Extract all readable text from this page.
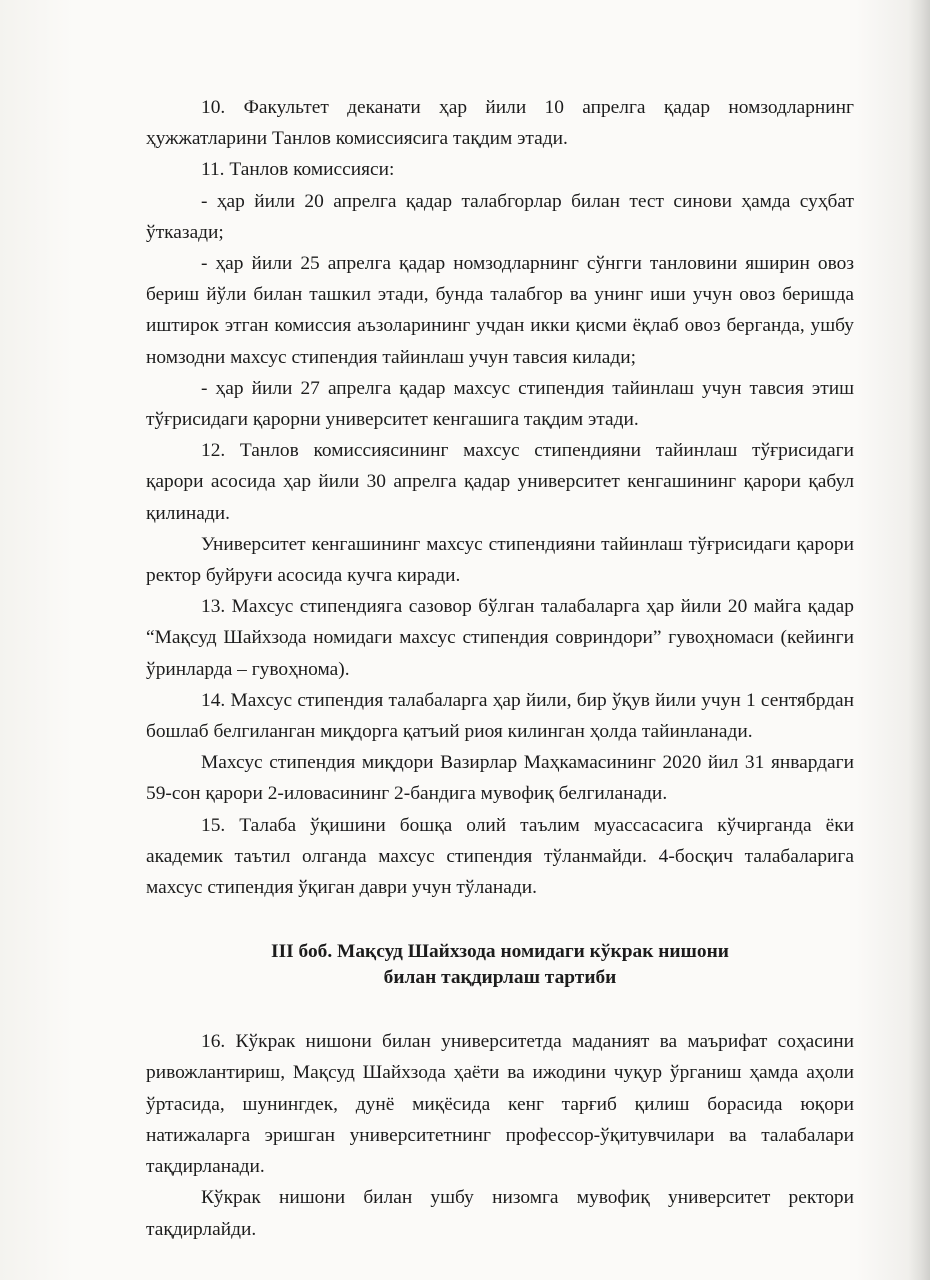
10. Факультет деканати ҳар йили 10 апрелга қадар номзодларнинг ҳужжатларини Танлов комиссиясига тақдим этади.

11. Танлов комиссияси:

- ҳар йили 20 апрелга қадар талабгорлар билан тест синови ҳамда суҳбат ўтказади;

- ҳар йили 25 апрелга қадар номзодларнинг сўнгги танловини яширин овоз бериш йўли билан ташкил этади, бунда талабгор ва унинг иши учун овоз беришда иштирок этган комиссия аъзоларининг учдан икки қисми ёқлаб овоз берганда, ушбу номзодни махсус стипендия тайинлаш учун тавсия килади;

- ҳар йили 27 апрелга қадар махсус стипендия тайинлаш учун тавсия этиш тўғрисидаги қарорни университет кенгашига тақдим этади.

12. Танлов комиссиясининг махсус стипендияни тайинлаш тўғрисидаги қарори асосида ҳар йили 30 апрелга қадар университет кенгашининг қарори қабул қилинади.

Университет кенгашининг махсус стипендияни тайинлаш тўғрисидаги қарори ректор буйруғи асосида кучга киради.

13. Махсус стипендияга сазовор бўлган талабаларга ҳар йили 20 майга қадар “Мақсуд Шайхзода номидаги махсус стипендия совриндори” гувоҳномаси (кейинги ўринларда – гувоҳнома).

14. Махсус стипендия талабаларга ҳар йили, бир ўқув йили учун 1 сентябрдан бошлаб белгиланган миқдорга қатъий риоя килинган ҳолда тайинланади.

Махсус стипендия миқдори Вазирлар Маҳкамасининг 2020 йил 31 январдаги 59-сон қарори 2-иловасининг 2-бандига мувофиқ белгиланади.

15. Талаба ўқишини бошқа олий таълим муассасасига кўчирганда ёки академик таътил олганда махсус стипендия тўланмайди. 4-босқич талабаларига махсус стипендия ўқиган даври учун тўланади.

III боб. Мақсуд Шайхзода номидаги кўкрак нишони
билан тақдирлаш тартиби

16. Кўкрак нишони билан университетда маданият ва маърифат соҳасини ривожлантириш, Мақсуд Шайхзода ҳаёти ва ижодини чуқур ўрганиш ҳамда аҳоли ўртасида, шунингдек, дунё миқёсида кенг тарғиб қилиш борасида юқори натижаларга эришган университетнинг профессор-ўқитувчилари ва талабалари тақдирланади.

Кўкрак нишони билан ушбу низомга мувофиқ университет ректори тақдирлайди.
